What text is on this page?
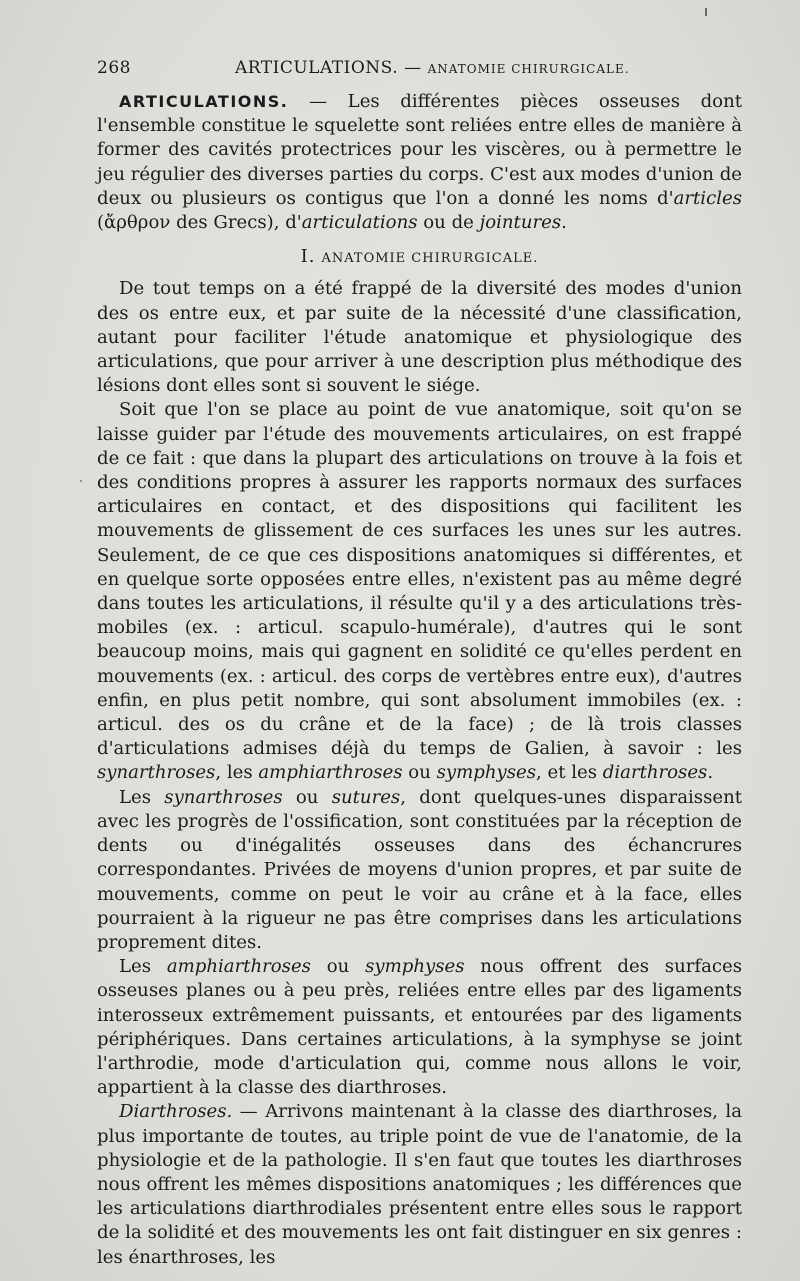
268	ARTICULATIONS. — ANATOMIE CHIRURGICALE.

ARTICULATIONS. — Les différentes pièces osseuses dont l'ensemble constitue le squelette sont reliées entre elles de manière à former des cavités protectrices pour les viscères, ou à permettre le jeu régulier des diverses parties du corps. C'est aux modes d'union de deux ou plusieurs os contigus que l'on a donné les noms d'articles (ἄρθρον des Grecs), d'articulations ou de jointures.

I. ANATOMIE CHIRURGICALE.

De tout temps on a été frappé de la diversité des modes d'union des os entre eux, et par suite de la nécessité d'une classification, autant pour faciliter l'étude anatomique et physiologique des articulations, que pour arriver à une description plus méthodique des lésions dont elles sont si souvent le siége.

Soit que l'on se place au point de vue anatomique, soit qu'on se laisse guider par l'étude des mouvements articulaires, on est frappé de ce fait : que dans la plupart des articulations on trouve à la fois et des conditions propres à assurer les rapports normaux des surfaces articulaires en contact, et des dispositions qui facilitent les mouvements de glissement de ces surfaces les unes sur les autres. Seulement, de ce que ces dispositions anatomiques si différentes, et en quelque sorte opposées entre elles, n'existent pas au même degré dans toutes les articulations, il résulte qu'il y a des articulations très-mobiles (ex. : articul. scapulo-humérale), d'autres qui le sont beaucoup moins, mais qui gagnent en solidité ce qu'elles perdent en mouvements (ex. : articul. des corps de vertèbres entre eux), d'autres enfin, en plus petit nombre, qui sont absolument immobiles (ex. : articul. des os du crâne et de la face) ; de là trois classes d'articulations admises déjà du temps de Galien, à savoir : les synarthroses, les amphiarthroses ou symphyses, et les diarthroses.

Les synarthroses ou sutures, dont quelques-unes disparaissent avec les progrès de l'ossification, sont constituées par la réception de dents ou d'inégalités osseuses dans des échancrures correspondantes. Privées de moyens d'union propres, et par suite de mouvements, comme on peut le voir au crâne et à la face, elles pourraient à la rigueur ne pas être comprises dans les articulations proprement dites.

Les amphiarthroses ou symphyses nous offrent des surfaces osseuses planes ou à peu près, reliées entre elles par des ligaments interosseux extrêmement puissants, et entourées par des ligaments périphériques. Dans certaines articulations, à la symphyse se joint l'arthrodie, mode d'articulation qui, comme nous allons le voir, appartient à la classe des diarthroses.

Diarthroses. — Arrivons maintenant à la classe des diarthroses, la plus importante de toutes, au triple point de vue de l'anatomie, de la physiologie et de la pathologie. Il s'en faut que toutes les diarthroses nous offrent les mêmes dispositions anatomiques ; les différences que les articulations diarthrodiales présentent entre elles sous le rapport de la solidité et des mouvements les ont fait distinguer en six genres : les énarthroses, les
